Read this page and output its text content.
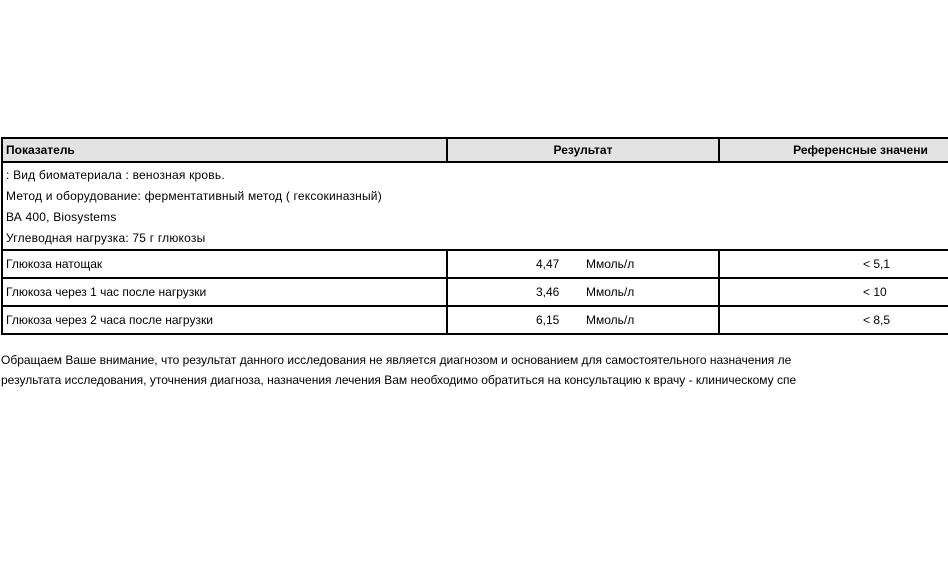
Показатель	Результат	Референсные значени

: Вид биоматериала : венозная кровь.
Метод и оборудование: ферментативный метод ( гексокиназный)
ВА 400, Biosystems
Углеводная нагрузка: 75 г глюкозы		

Глюкоза натощак	4,47 Ммоль/л	< 5,1
Глюкоза через 1 час после нагрузки	3,46 Ммоль/л	< 10
Глюкоза через 2 часа после нагрузки	6,15 Ммоль/л	< 8,5
Обращаем Ваше внимание, что результат данного исследования не является диагнозом и основанием для самостоятельного назначения ле
результата исследования, уточнения диагноза, назначения лечения Вам необходимо обратиться на консультацию к врачу - клиническому спе
